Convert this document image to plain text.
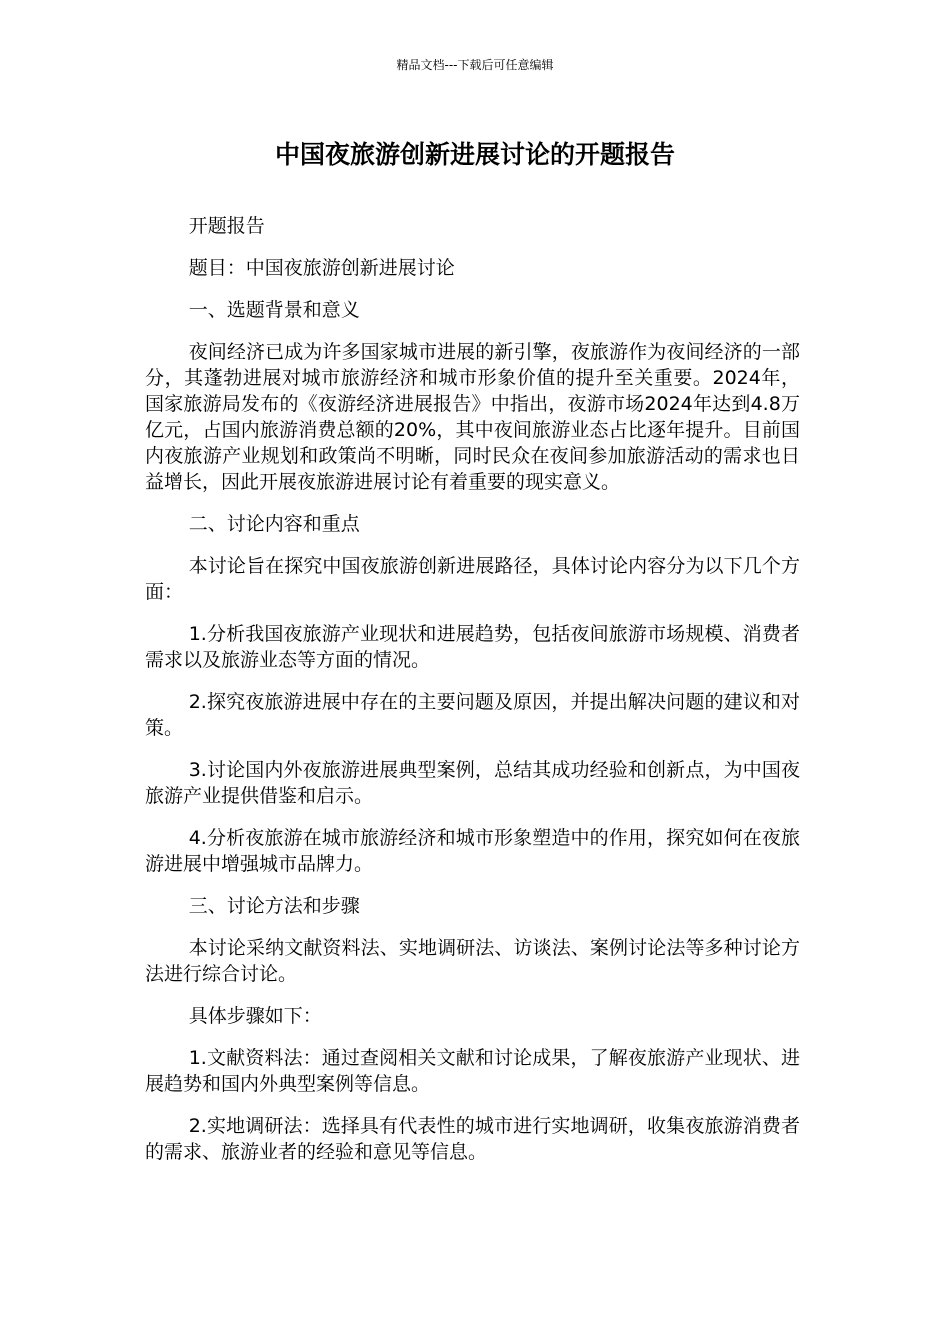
精品文档---下载后可任意编辑
中国夜旅游创新进展讨论的开题报告

开题报告

题目：中国夜旅游创新进展讨论

一、选题背景和意义

夜间经济已成为许多国家城市进展的新引擎，夜旅游作为夜间经济的一部分，其蓬勃进展对城市旅游经济和城市形象价值的提升至关重要。2024年，国家旅游局发布的《夜游经济进展报告》中指出，夜游市场2024年达到4.8万亿元，占国内旅游消费总额的20%，其中夜间旅游业态占比逐年提升。目前国内夜旅游产业规划和政策尚不明晰，同时民众在夜间参加旅游活动的需求也日益增长，因此开展夜旅游进展讨论有着重要的现实意义。

二、讨论内容和重点

本讨论旨在探究中国夜旅游创新进展路径，具体讨论内容分为以下几个方面：

1.分析我国夜旅游产业现状和进展趋势，包括夜间旅游市场规模、消费者需求以及旅游业态等方面的情况。

2.探究夜旅游进展中存在的主要问题及原因，并提出解决问题的建议和对策。

3.讨论国内外夜旅游进展典型案例，总结其成功经验和创新点，为中国夜旅游产业提供借鉴和启示。

4.分析夜旅游在城市旅游经济和城市形象塑造中的作用，探究如何在夜旅游进展中增强城市品牌力。

三、讨论方法和步骤

本讨论采纳文献资料法、实地调研法、访谈法、案例讨论法等多种讨论方法进行综合讨论。

具体步骤如下：

1.文献资料法：通过查阅相关文献和讨论成果，了解夜旅游产业现状、进展趋势和国内外典型案例等信息。

2.实地调研法：选择具有代表性的城市进行实地调研，收集夜旅游消费者的需求、旅游业者的经验和意见等信息。
